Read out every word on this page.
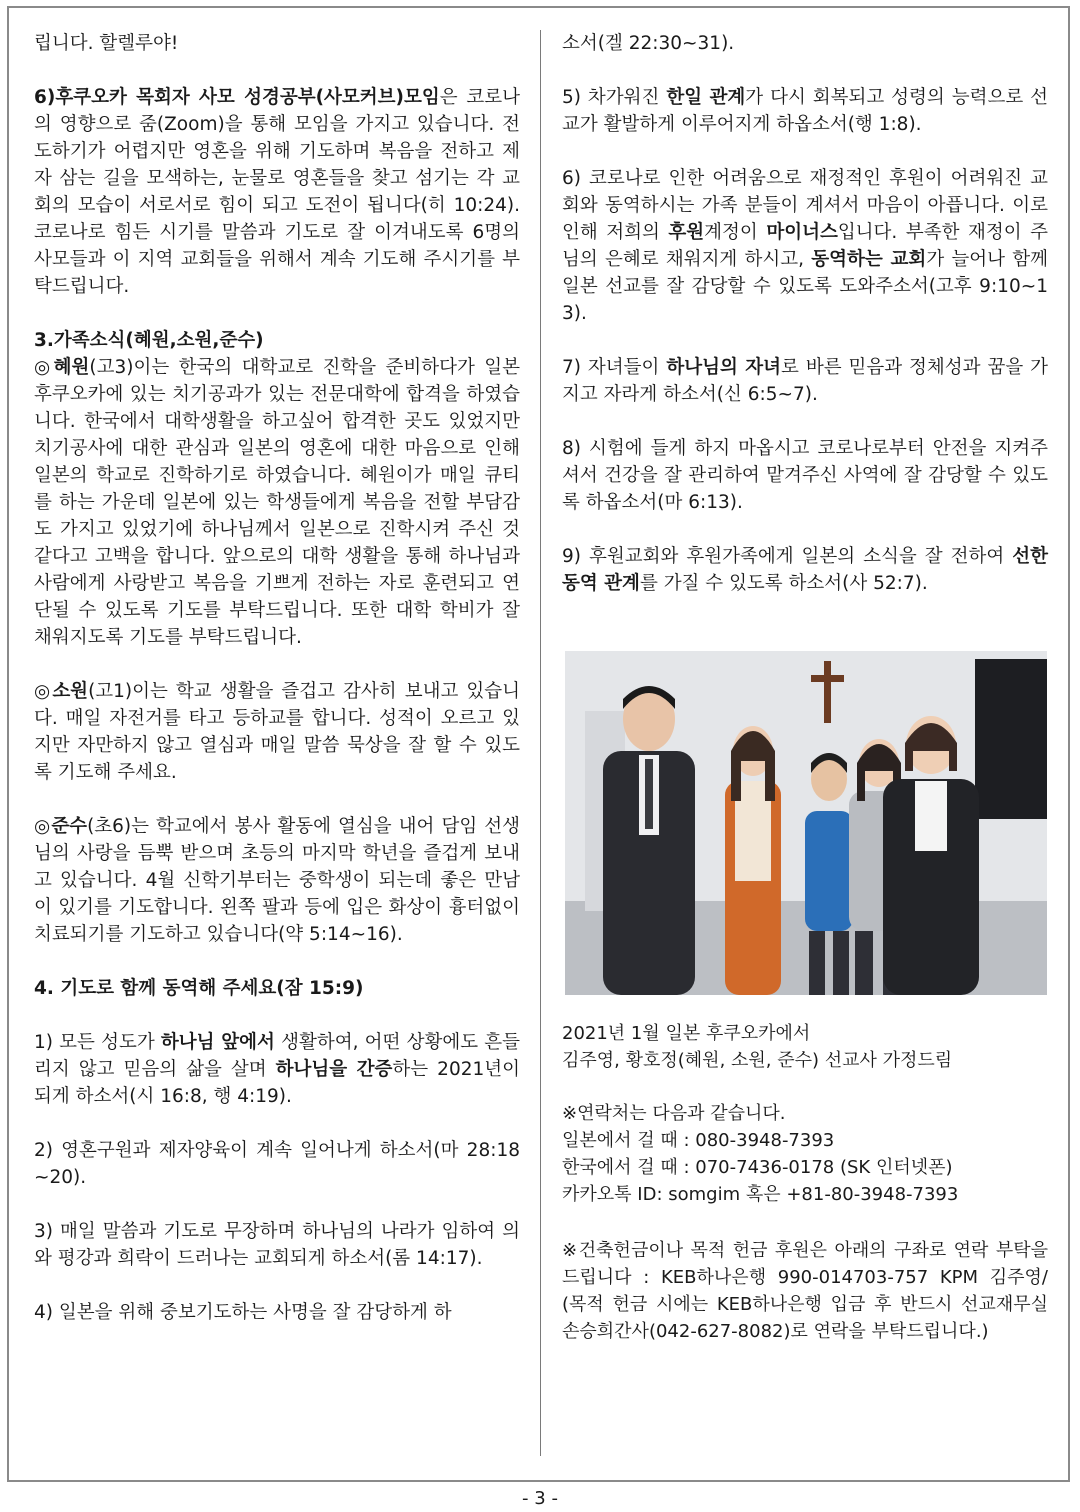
립니다. 할렐루야!

6)후쿠오카 목회자 사모 성경공부(사모커브)모임은 코로나의 영향으로 줌(Zoom)을 통해 모임을 가지고 있습니다. 전도하기가 어렵지만 영혼을 위해 기도하며 복음을 전하고 제자 삼는 길을 모색하는, 눈물로 영혼들을 찾고 섬기는 각 교회의 모습이 서로서로 힘이 되고 도전이 됩니다(히 10:24). 코로나로 힘든 시기를 말씀과 기도로 잘 이겨내도록 6명의 사모들과 이 지역 교회들을 위해서 계속 기도해 주시기를 부탁드립니다.

3.가족소식(혜원,소원,준수)

◎혜원(고3)이는 한국의 대학교로 진학을 준비하다가 일본 후쿠오카에 있는 치기공과가 있는 전문대학에 합격을 하였습니다. 한국에서 대학생활을 하고싶어 합격한 곳도 있었지만 치기공사에 대한 관심과 일본의 영혼에 대한 마음으로 인해 일본의 학교로 진학하기로 하였습니다. 혜원이가 매일 큐티를 하는 가운데 일본에 있는 학생들에게 복음을 전할 부담감도 가지고 있었기에 하나님께서 일본으로 진학시켜 주신 것 같다고 고백을 합니다. 앞으로의 대학 생활을 통해 하나님과 사람에게 사랑받고 복음을 기쁘게 전하는 자로 훈련되고 연단될 수 있도록 기도를 부탁드립니다. 또한 대학 학비가 잘 채워지도록 기도를 부탁드립니다.

◎소원(고1)이는 학교 생활을 즐겁고 감사히 보내고 있습니다. 매일 자전거를 타고 등하교를 합니다. 성적이 오르고 있지만 자만하지 않고 열심과 매일 말씀 묵상을 잘 할 수 있도록 기도해 주세요.

◎준수(초6)는 학교에서 봉사 활동에 열심을 내어 담임 선생님의 사랑을 듬뿍 받으며 초등의 마지막 학년을 즐겁게 보내고 있습니다. 4월 신학기부터는 중학생이 되는데 좋은 만남이 있기를 기도합니다. 왼쪽 팔과 등에 입은 화상이 흉터없이 치료되기를 기도하고 있습니다(약 5:14~16).

4. 기도로 함께 동역해 주세요(잠 15:9)

1) 모든 성도가 하나님 앞에서 생활하여, 어떤 상황에도 흔들리지 않고 믿음의 삶을 살며 하나님을 간증하는 2021년이 되게 하소서(시 16:8, 행 4:19).

2) 영혼구원과 제자양육이 계속 일어나게 하소서(마 28:18~20).

3) 매일 말씀과 기도로 무장하며 하나님의 나라가 임하여 의와 평강과 희락이 드러나는 교회되게 하소서(롬 14:17).

4) 일본을 위해 중보기도하는 사명을 잘 감당하게 하

소서(겔 22:30~31).

5) 차가워진 한일 관계가 다시 회복되고 성령의 능력으로 선교가 활발하게 이루어지게 하옵소서(행 1:8).

6) 코로나로 인한 어려움으로 재정적인 후원이 어려워진 교회와 동역하시는 가족 분들이 계셔서 마음이 아픕니다. 이로 인해 저희의 후원계정이 마이너스입니다. 부족한 재정이 주님의 은혜로 채워지게 하시고, 동역하는 교회가 늘어나 함께 일본 선교를 잘 감당할 수 있도록 도와주소서(고후 9:10~13).

7) 자녀들이 하나님의 자녀로 바른 믿음과 정체성과 꿈을 가지고 자라게 하소서(신 6:5~7).

8) 시험에 들게 하지 마옵시고 코로나로부터 안전을 지켜주셔서 건강을 잘 관리하여 맡겨주신 사역에 잘 감당할 수 있도록 하옵소서(마 6:13).

9) 후원교회와 후원가족에게 일본의 소식을 잘 전하여 선한 동역 관계를 가질 수 있도록 하소서(사 52:7).

2021년 1월 일본 후쿠오카에서
김주영, 황호정(혜원, 소원, 준수) 선교사 가정드림
※연락처는 다음과 같습니다.
일본에서 걸 때 : 080-3948-7393
한국에서 걸 때 : 070-7436-0178 (SK 인터넷폰)
카카오톡 ID: somgim 혹은 +81-80-3948-7393
※건축헌금이나 목적 헌금 후원은 아래의 구좌로 연락 부탁을 드립니다 : KEB하나은행 990-014703-757 KPM 김주영/ (목적 헌금 시에는 KEB하나은행 입금 후 반드시 선교재무실 손승희간사(042-627-8082)로 연락을 부탁드립니다.)
- 3 -
